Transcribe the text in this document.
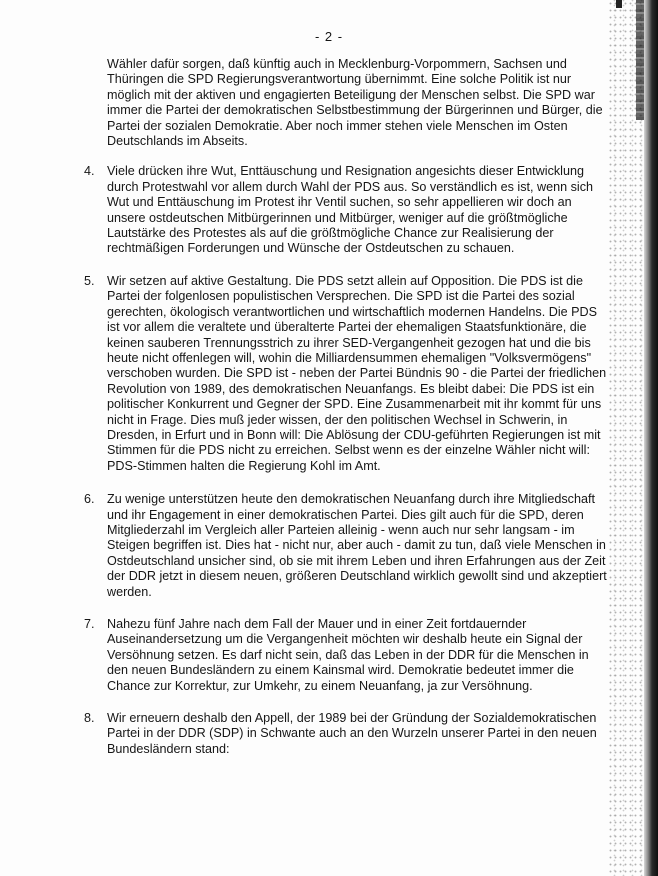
- 2 -

Wähler dafür sorgen, daß künftig auch in Mecklenburg-Vorpommern, Sachsen und Thüringen die SPD Regierungsverantwortung übernimmt. Eine solche Politik ist nur möglich mit der aktiven und engagierten Beteiligung der Menschen selbst. Die SPD war immer die Partei der demokratischen Selbstbestimmung der Bürgerinnen und Bürger, die Partei der sozialen Demokratie. Aber noch immer stehen viele Menschen im Osten Deutschlands im Abseits.

4. Viele drücken ihre Wut, Enttäuschung und Resignation angesichts dieser Entwicklung durch Protestwahl vor allem durch Wahl der PDS aus. So verständlich es ist, wenn sich Wut und Enttäuschung im Protest ihr Ventil suchen, so sehr appellieren wir doch an unsere ostdeutschen Mitbürgerinnen und Mitbürger, weniger auf die größtmögliche Lautstärke des Protestes als auf die größtmögliche Chance zur Realisierung der rechtmäßigen Forderungen und Wünsche der Ostdeutschen zu schauen.
5. Wir setzen auf aktive Gestaltung. Die PDS setzt allein auf Opposition. Die PDS ist die Partei der folgenlosen populistischen Versprechen. Die SPD ist die Partei des sozial gerechten, ökologisch verantwortlichen und wirtschaftlich modernen Handelns. Die PDS ist vor allem die veraltete und überalterte Partei der ehemaligen Staatsfunktionäre, die keinen sauberen Trennungsstrich zu ihrer SED-Vergangenheit gezogen hat und die bis heute nicht offenlegen will, wohin die Milliardensummen ehemaligen "Volksvermögens" verschoben wurden. Die SPD ist - neben der Partei Bündnis 90 - die Partei der friedlichen Revolution von 1989, des demokratischen Neuanfangs. Es bleibt dabei: Die PDS ist ein politischer Konkurrent und Gegner der SPD. Eine Zusammenarbeit mit ihr kommt für uns nicht in Frage. Dies muß jeder wissen, der den politischen Wechsel in Schwerin, in Dresden, in Erfurt und in Bonn will: Die Ablösung der CDU-geführten Regierungen ist mit Stimmen für die PDS nicht zu erreichen. Selbst wenn es der einzelne Wähler nicht will: PDS-Stimmen halten die Regierung Kohl im Amt.
6. Zu wenige unterstützen heute den demokratischen Neuanfang durch ihre Mitgliedschaft und ihr Engagement in einer demokratischen Partei. Dies gilt auch für die SPD, deren Mitgliederzahl im Vergleich aller Parteien alleinig - wenn auch nur sehr langsam - im Steigen begriffen ist. Dies hat - nicht nur, aber auch - damit zu tun, daß viele Menschen in Ostdeutschland unsicher sind, ob sie mit ihrem Leben und ihren Erfahrungen aus der Zeit der DDR jetzt in diesem neuen, größeren Deutschland wirklich gewollt sind und akzeptiert werden.
7. Nahezu fünf Jahre nach dem Fall der Mauer und in einer Zeit fortdauernder Auseinandersetzung um die Vergangenheit möchten wir deshalb heute ein Signal der Versöhnung setzen. Es darf nicht sein, daß das Leben in der DDR für die Menschen in den neuen Bundesländern zu einem Kainsmal wird. Demokratie bedeutet immer die Chance zur Korrektur, zur Umkehr, zu einem Neuanfang, ja zur Versöhnung.
8. Wir erneuern deshalb den Appell, der 1989 bei der Gründung der Sozialdemokratischen Partei in der DDR (SDP) in Schwante auch an den Wurzeln unserer Partei in den neuen Bundesländern stand:
